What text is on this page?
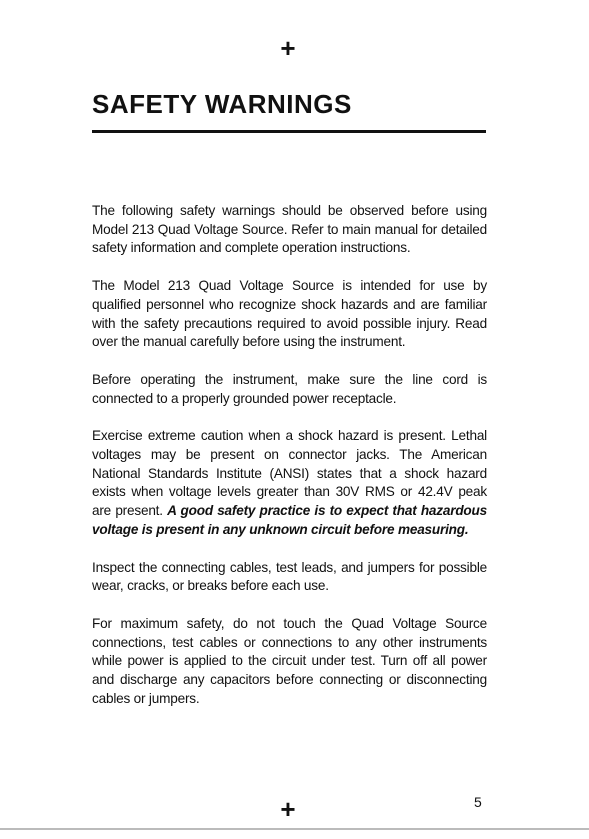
+
SAFETY WARNINGS

The following safety warnings should be observed before using Model 213 Quad Voltage Source. Refer to main manual for detailed safety information and complete operation instructions.

The Model 213 Quad Voltage Source is intended for use by qualified personnel who recognize shock hazards and are familiar with the safety precautions required to avoid possible injury. Read over the manual carefully before using the instrument.

Before operating the instrument, make sure the line cord is connected to a properly grounded power receptacle.

Exercise extreme caution when a shock hazard is present. Lethal voltages may be present on connector jacks. The American National Standards Institute (ANSI) states that a shock hazard exists when voltage levels greater than 30V RMS or 42.4V peak are present. A good safety practice is to expect that hazardous voltage is present in any unknown circuit before measuring.

Inspect the connecting cables, test leads, and jumpers for possible wear, cracks, or breaks before each use.

For maximum safety, do not touch the Quad Voltage Source connections, test cables or connections to any other instruments while power is applied to the circuit under test. Turn off all power and discharge any capacitors before connecting or disconnecting cables or jumpers.

+	5
